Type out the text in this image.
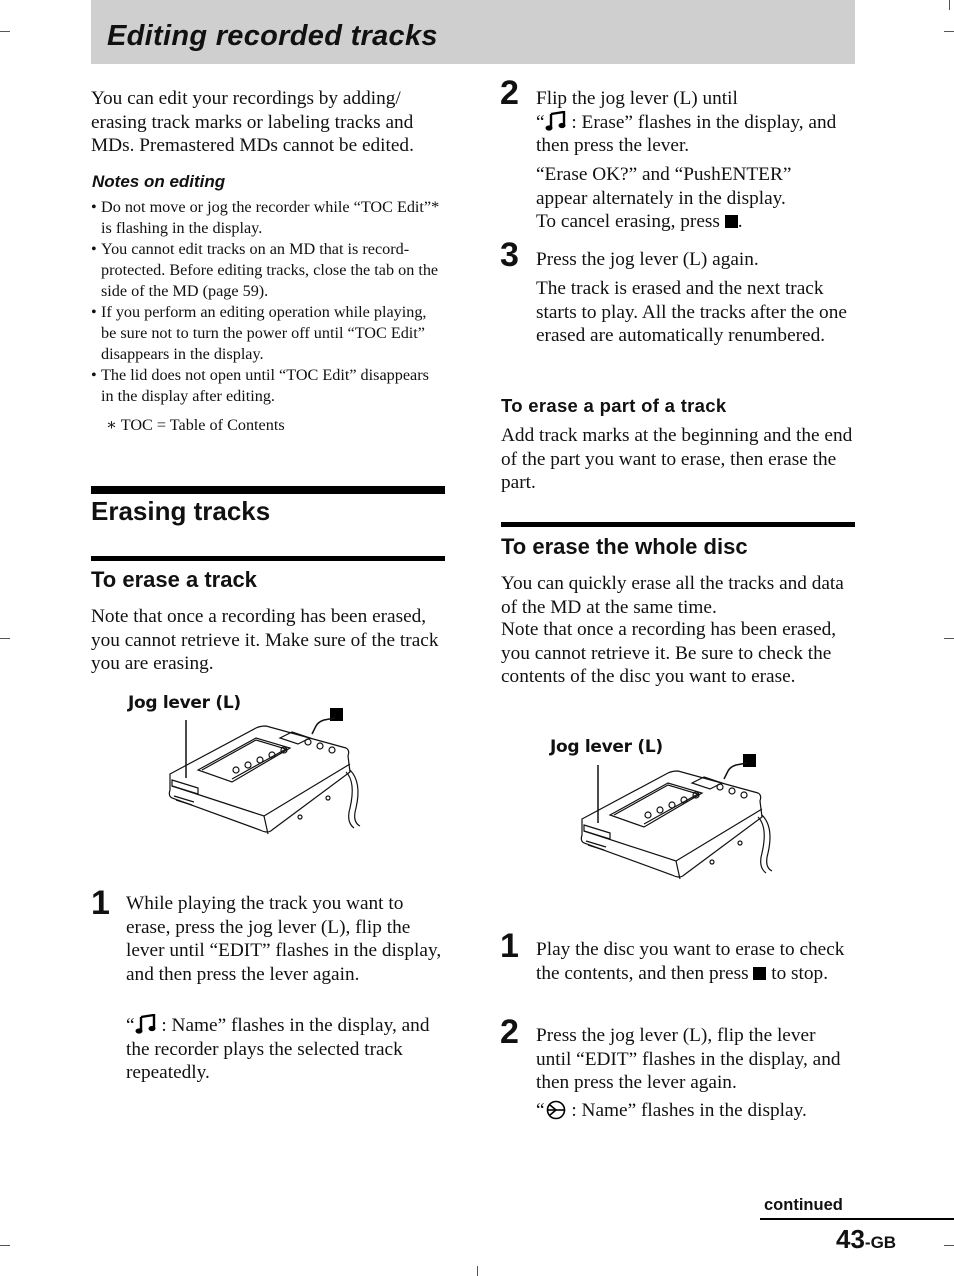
Editing recorded tracks

You can edit your recordings by adding/ erasing track marks or labeling tracks and MDs. Premastered MDs cannot be edited.

Notes on editing
• Do not move or jog the recorder while “TOC Edit”* is flashing in the display.
• You cannot edit tracks on an MD that is record-protected. Before editing tracks, close the tab on the side of the MD (page 59).
• If you perform an editing operation while playing, be sure not to turn the power off until “TOC Edit” disappears in the display.
• The lid does not open until “TOC Edit” disappears in the display after editing.
∗ TOC = Table of Contents
Erasing tracks
To erase a track

Note that once a recording has been erased, you cannot retrieve it. Make sure of the track you are erasing.

Jog lever (L)
1 While playing the track you want to erase, press the jog lever (L), flip the lever until “EDIT” flashes in the display, and then press the lever again.

“ : Name” flashes in the display, and the recorder plays the selected track repeatedly.

2 Flip the jog lever (L) until
“ : Erase” flashes in the display, and then press the lever.

“Erase OK?” and “PushENTER” appear alternately in the display.

To cancel erasing, press .

3 Press the jog lever (L) again.

The track is erased and the next track starts to play. All the tracks after the one erased are automatically renumbered.

To erase a part of a track

Add track marks at the beginning and the end of the part you want to erase, then erase the part.

To erase the whole disc

You can quickly erase all the tracks and data of the MD at the same time.

Note that once a recording has been erased, you cannot retrieve it. Be sure to check the contents of the disc you want to erase.

Jog lever (L)
1 Play the disc you want to erase to check the contents, and then press to stop.

2 Press the jog lever (L), flip the lever until “EDIT” flashes in the display, and then press the lever again.

“ : Name” flashes in the display.

continued
43-GB
